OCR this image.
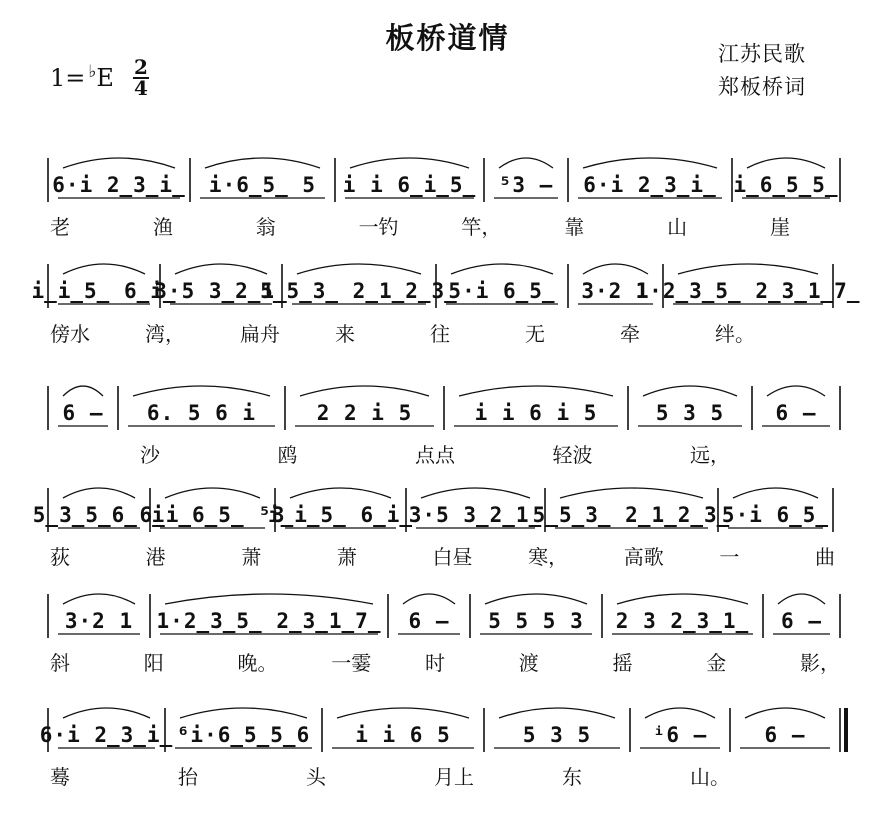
板桥道情
1= ♭E 2
4
江苏民歌
郑板桥词
6·i 2̲3̲i̲ i·6̲5̲ 5 i i 6̲i̲5̲ ⁵3 – 6·i 2̲3̲i̲ i̲6̲5̲5̲
老	渔	翁	一钓	竿，	靠	山	崖
i̲i̲5̲ 6̲i̲
3·5 3̲2̲1̲
5̲5̲3̲ 2̲1̲2̲3̲
5·i 6̲5̲ 3·2 1
1·2̲3̲5̲ 2̲3̲1̲7̲
傍水	湾，	扁舟	来	往	无	牵	绊。
6 – 6. 5 6 i	2 2 i 5	i i 6 i 5	5 3 5 6 –
沙	鸥	点点	轻波	远，
5̲3̲5̲6̲ i
6̲i̲6̲5̲ ⁵3
i̲i̲5̲ 6̲i̲
3·5 3̲2̲1̲
5̲5̲3̲ 2̲1̲2̲3̲
5·i 6̲5̲
荻	港	萧	萧	白昼	寒，	高歌	一	曲
3·2 1 1·2̲3̲5̲ 2̲3̲1̲7̲ 6 – 5 5 5 3 2 3 2̲3̲1̲ 6 –
斜	阳	晚。	一霎	时	渡	摇	金	影，
6·i 2̲3̲i̲ ⁶i·6̲5̲5̲6 i i 6 5	5 3 5	ⁱ6 –	6 –
蓦	抬	头	月上	东	山。
